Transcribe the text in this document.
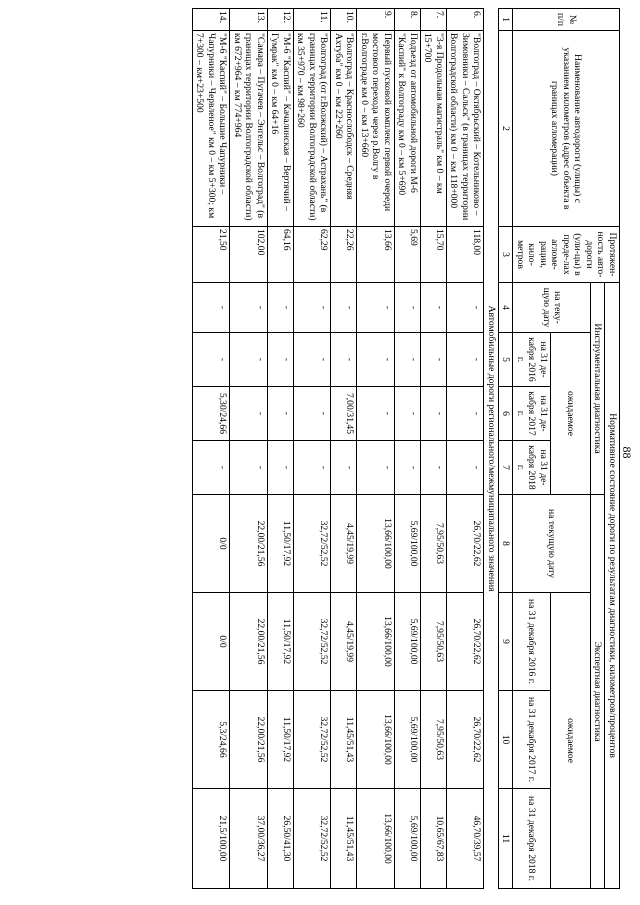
88
№ п/п	Наименование автодороги (улицы) с указанием километров (адрес объекта в границах агломерации)	Протяжен-ность авто-дороги (ули-цы) в преде-лах агломе-рации, кило-метров	Нормативное состояние дороги по результатам диагностики, километров/процентов							
			Инструментальная диагностика				Экспертная диагностика			
			на теку-щую дату	ожидаемое			на текущую дату	ожидаемое		
				на 31 де-кабря 2016 г.	на 31 де-кабря 2017 г.	на 31 де-кабря 2018 г.		на 31 декабря 2016 г.	на 31 декабря 2017 г.	на 31 декабря 2018 г.
1	2	3	4	5	6	7	8	9	10	11
Автомобильные дороги регионального/межмуниципального значения										
6.	"Волгоград – Октябрьский – Котельниково – Зимовники – Сальск" (в границах территории Волгоградской области) км 0 – км 118+000	118,00	-	-	-	-	26,70/22,62	26,70/22,62	26,70/22,62	46,70/39,57
7.	"3-я Продольная магистраль" км 0 – км 15+700	15,70	-	-	-	-	7,95/50,63	7,95/50,63	7,95/50,63	10,65/67,83
8.	Подъезд от автомобильной дороги М-6 "Каспий" к Волгограду км 0 – км 5+690	5,69	-	-	-	-	5,69/100,00	5,69/100,00	5,69/100,00	5,69/100,00
9.	Первый пусковой комплекс первой очереди мостового перехода через р.Волгу в г.Волгограде км 0 – км 13+660	13,66	-	-	-	-	13,66/100,00	13,66/100,00	13,66/100,00	13,66/100,00
10.	"Волгоград – Краснослободск – Средняя Ахтуба" км 0 – км 22+260	22,26	-	-	7,00/31,45	-	4,45/19,99	4,45/19,99	11,45/51,43	11,45/51,43
11.	"Волгоград (от г.Волжский) – Астрахань" (в границах территории Волгоградской области) км 35+970 – км 98+260	62,29	-	-	-	-	32,72/52,52	32,72/52,52	32,72/52,52	32,72/52,52
12.	"М-6 "Каспий" – Качалинская – Вертячий – Гумрак" км 0 – км 64+16	64,16	-	-	-	-	11,50/17,92	11,50/17,92	11,50/17,92	26,50/41,30
13.	"Самара – Пугачев – Энгельс – Волгоград" (в границах территории Волгоградской области) км 672+964 – км 774+964	102,00	-	-	-	-	22,00/21,56	22,00/21,56	22,00/21,56	37,00/36,27
14.	"М-6 "Каспий" – Большие Чапурники – Чапурники – Червленое" км 0 – км 5+300; км 7+300 – км+23+500	21,50	-	-	5,30/24,66	-	0/0	0/0	5,3/24,66	21,5/100,00
